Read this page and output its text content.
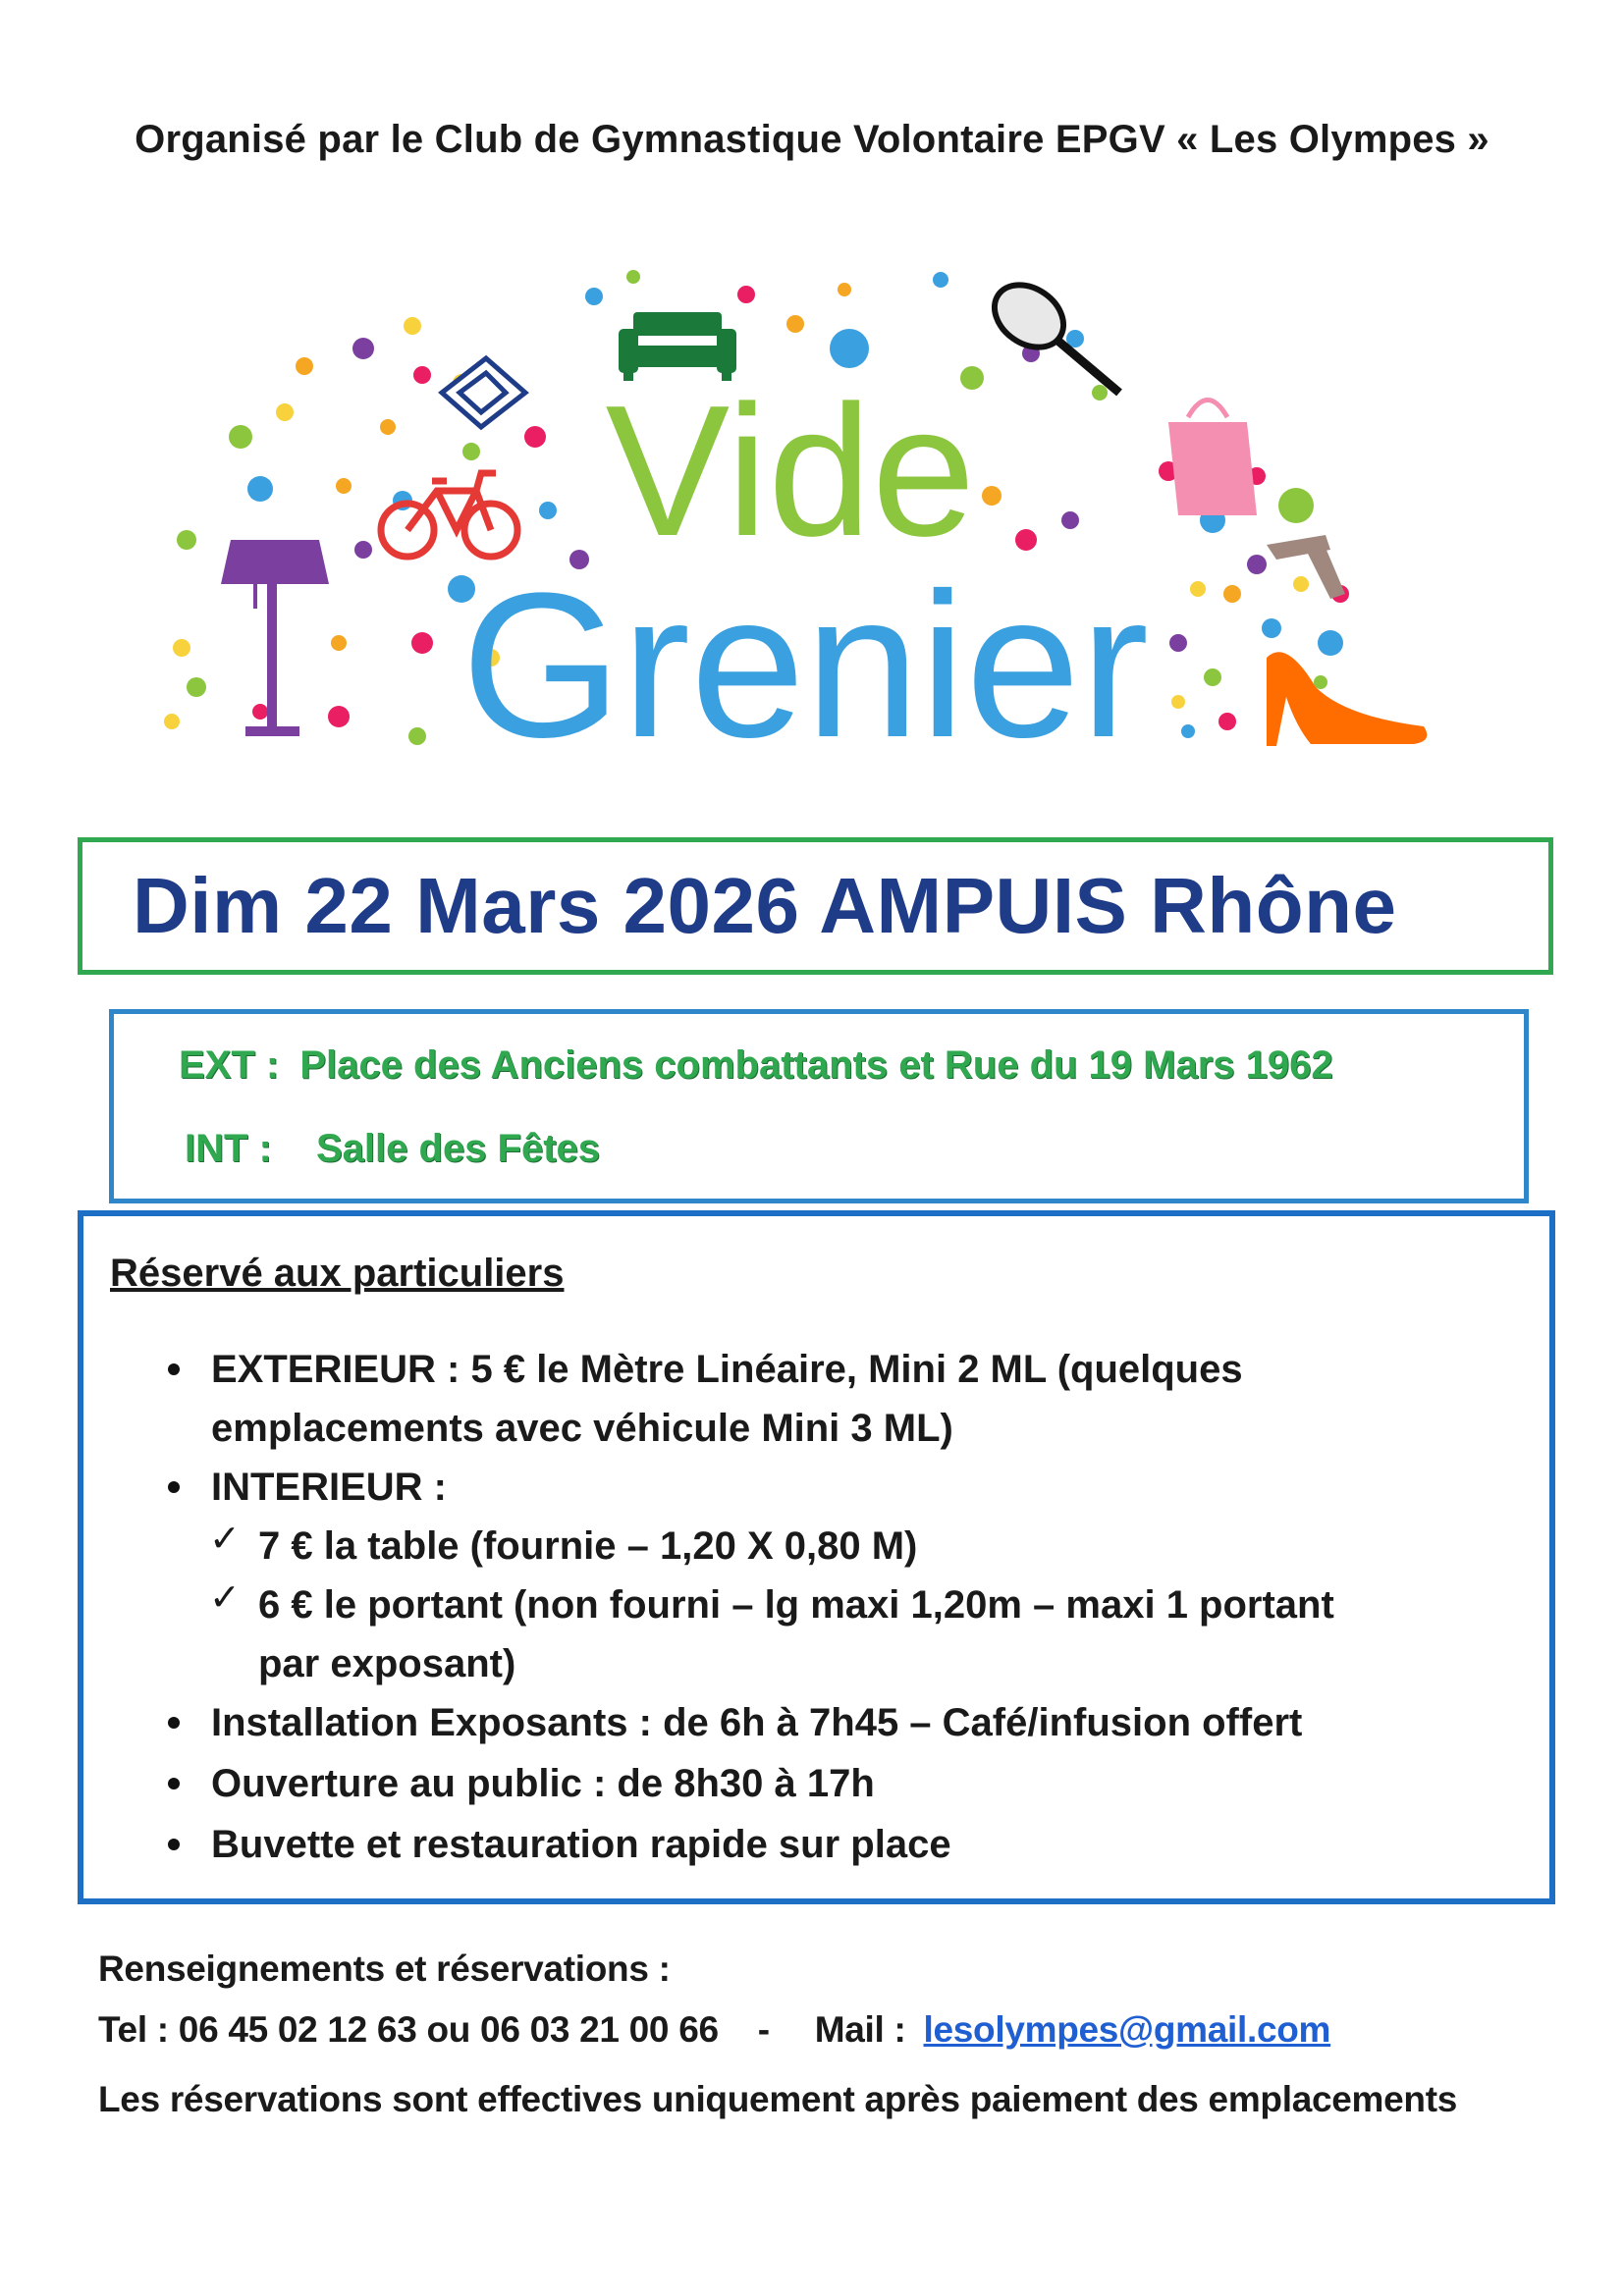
Organisé par le Club de Gymnastique Volontaire EPGV « Les Olympes »
Vide
Grenier
Dim 22 Mars 2026 AMPUIS Rhône
EXT : Place des Anciens combattants et Rue du 19 Mars 1962
INT : Salle des Fêtes
Réservé aux particuliers
EXTERIEUR : 5 € le Mètre Linéaire, Mini 2 ML (quelques
emplacements avec véhicule Mini 3 ML)
INTERIEUR :
✓ 7 € la table (fournie – 1,20 X 0,80 M)
✓ 6 € le portant (non fourni – lg maxi 1,20m – maxi 1 portant
par exposant)
Installation Exposants : de 6h à 7h45 – Café/infusion offert
Ouverture au public : de 8h30 à 17h
Buvette et restauration rapide sur place
Renseignements et réservations :
Tel : 06 45 02 12 63 ou 06 03 21 00 66 - Mail : lesolympes@gmail.com
Les réservations sont effectives uniquement après paiement des emplacements
